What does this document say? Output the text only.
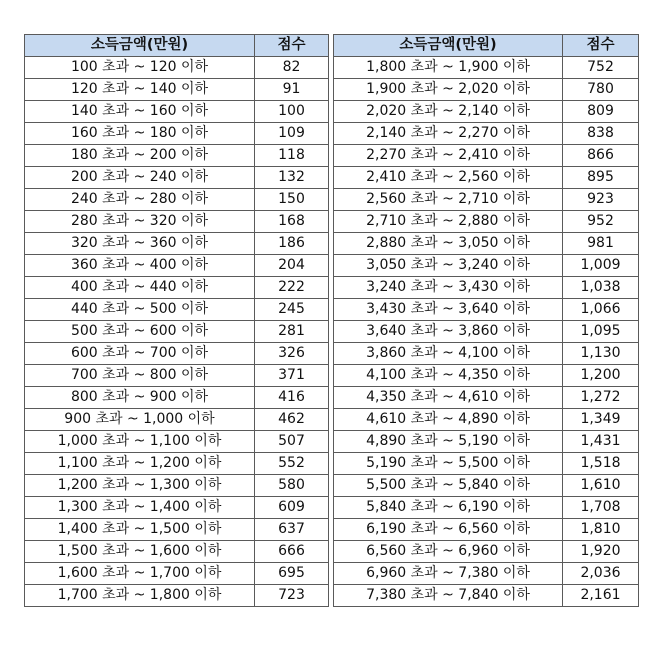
소득금액(만원)	점수
100 초과 ~ 120 이하	82
120 초과 ~ 140 이하	91
140 초과 ~ 160 이하	100
160 초과 ~ 180 이하	109
180 초과 ~ 200 이하	118
200 초과 ~ 240 이하	132
240 초과 ~ 280 이하	150
280 초과 ~ 320 이하	168
320 초과 ~ 360 이하	186
360 초과 ~ 400 이하	204
400 초과 ~ 440 이하	222
440 초과 ~ 500 이하	245
500 초과 ~ 600 이하	281
600 초과 ~ 700 이하	326
700 초과 ~ 800 이하	371
800 초과 ~ 900 이하	416
900 초과 ~ 1,000 이하	462
1,000 초과 ~ 1,100 이하	507
1,100 초과 ~ 1,200 이하	552
1,200 초과 ~ 1,300 이하	580
1,300 초과 ~ 1,400 이하	609
1,400 초과 ~ 1,500 이하	637
1,500 초과 ~ 1,600 이하	666
1,600 초과 ~ 1,700 이하	695
1,700 초과 ~ 1,800 이하	723
소득금액(만원)	점수
1,800 초과 ~ 1,900 이하	752
1,900 초과 ~ 2,020 이하	780
2,020 초과 ~ 2,140 이하	809
2,140 초과 ~ 2,270 이하	838
2,270 초과 ~ 2,410 이하	866
2,410 초과 ~ 2,560 이하	895
2,560 초과 ~ 2,710 이하	923
2,710 초과 ~ 2,880 이하	952
2,880 초과 ~ 3,050 이하	981
3,050 초과 ~ 3,240 이하	1,009
3,240 초과 ~ 3,430 이하	1,038
3,430 초과 ~ 3,640 이하	1,066
3,640 초과 ~ 3,860 이하	1,095
3,860 초과 ~ 4,100 이하	1,130
4,100 초과 ~ 4,350 이하	1,200
4,350 초과 ~ 4,610 이하	1,272
4,610 초과 ~ 4,890 이하	1,349
4,890 초과 ~ 5,190 이하	1,431
5,190 초과 ~ 5,500 이하	1,518
5,500 초과 ~ 5,840 이하	1,610
5,840 초과 ~ 6,190 이하	1,708
6,190 초과 ~ 6,560 이하	1,810
6,560 초과 ~ 6,960 이하	1,920
6,960 초과 ~ 7,380 이하	2,036
7,380 초과 ~ 7,840 이하	2,161
